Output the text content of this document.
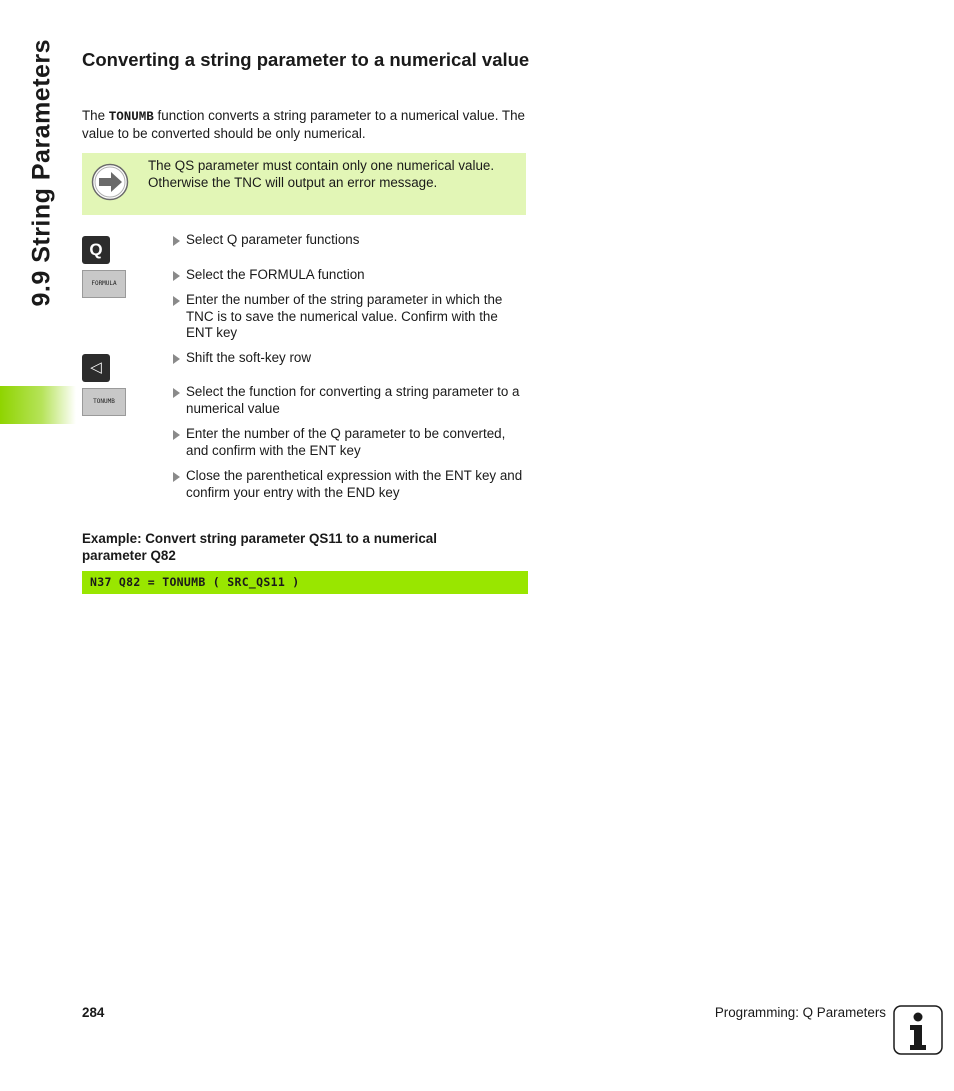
9.9 String Parameters Converting a string parameter to a numerical value

The TONUMB function converts a string parameter to a numerical value. The value to be converted should be only numerical.

The QS parameter must contain only one numerical value. Otherwise the TNC will output an error message.

Q
FORMULA
◁
TONUMB

Select Q parameter functions

Select the FORMULA function

Enter the number of the string parameter in which the TNC is to save the numerical value. Confirm with the ENT key

Shift the soft-key row

Select the function for converting a string parameter to a numerical value

Enter the number of the Q parameter to be converted, and confirm with the ENT key

Close the parenthetical expression with the ENT key and confirm your entry with the END key

Example: Convert string parameter QS11 to a numerical parameter Q82

N37 Q82 = TONUMB ( SRC_QS11 )
284	Programming: Q Parameters
